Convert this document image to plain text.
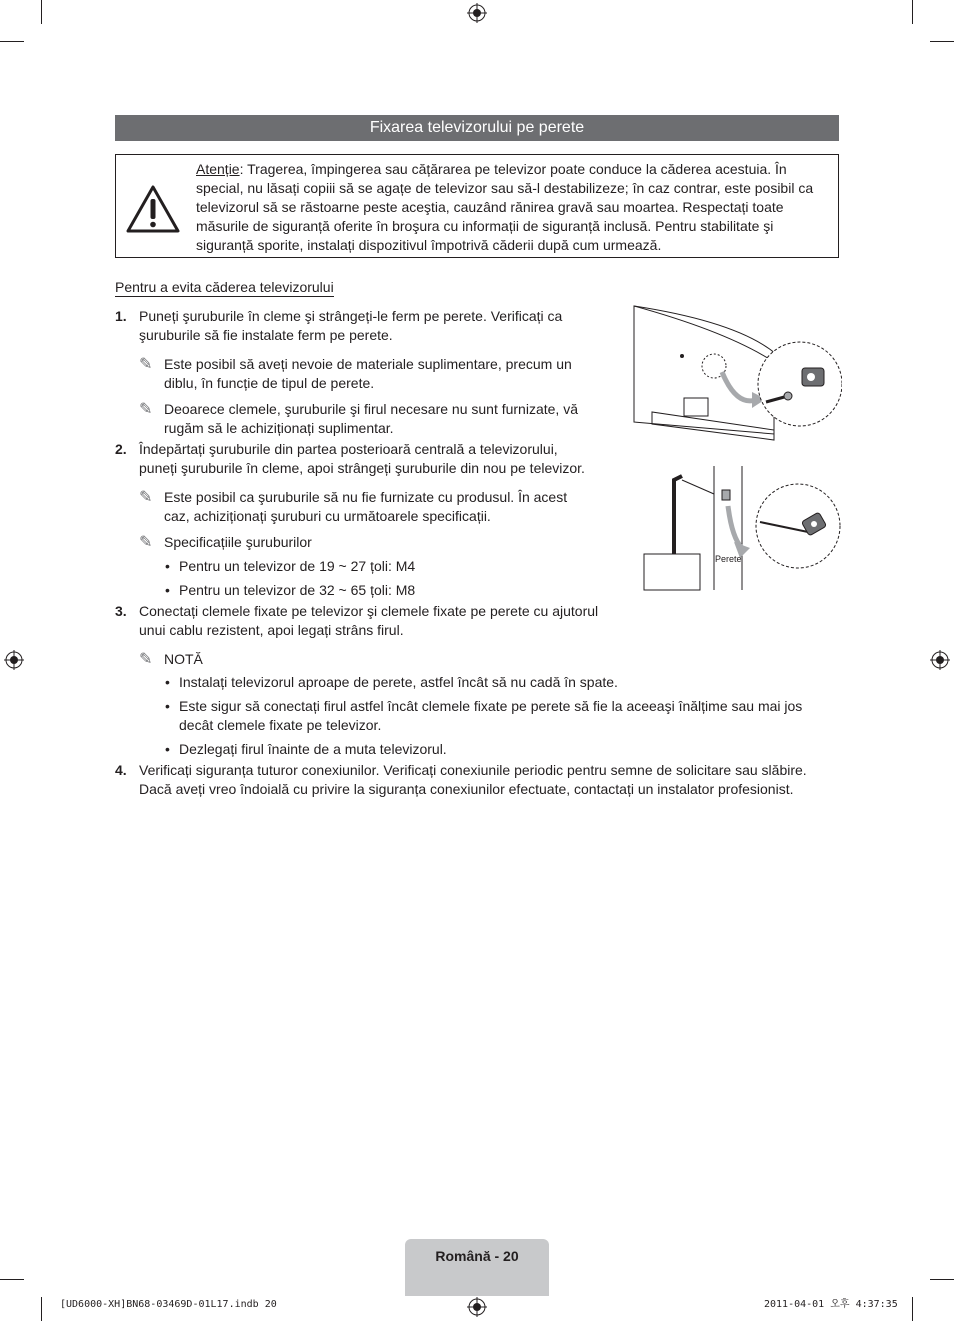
Fixarea televizorului pe perete
Atenție: Tragerea, împingerea sau cățărarea pe televizor poate conduce la căderea acestuia. În special, nu lăsați copiii să se agațe de televizor sau să-l destabilizeze; în caz contrar, este posibil ca televizorul să se răstoarne peste aceştia, cauzând rănirea gravă sau moartea. Respectați toate măsurile de siguranță oferite în broşura cu informații de siguranță inclusă. Pentru stabilitate şi siguranță sporite, instalați dispozitivul împotrivă căderii după cum urmează.
Pentru a evita căderea televizorului
1. Puneți şuruburile în cleme şi strângeți-le ferm pe perete. Verificați ca
şuruburile să fie instalate ferm pe perete.
✎ Este posibil să aveți nevoie de materiale suplimentare, precum un
diblu, în funcție de tipul de perete.
✎ Deoarece clemele, şuruburile şi firul necesare nu sunt furnizate, vă
rugăm să le achiziționați suplimentar.
2. Îndepărtați şuruburile din partea posterioară centrală a televizorului,
puneți şuruburile în cleme, apoi strângeți şuruburile din nou pe televizor.
✎ Este posibil ca şuruburile să nu fie furnizate cu produsul. În acest
caz, achiziționați şuruburi cu următoarele specificații.
✎ Specificațiile şuruburilor
• Pentru un televizor de 19 ~ 27 țoli: M4
• Pentru un televizor de 32 ~ 65 țoli: M8
3. Conectați clemele fixate pe televizor şi clemele fixate pe perete cu ajutorul
unui cablu rezistent, apoi legați strâns firul.
✎ NOTĂ
• Instalați televizorul aproape de perete, astfel încât să nu cadă în spate.
• Este sigur să conectați firul astfel încât clemele fixate pe perete să fie la aceeaşi înălțime sau mai jos
decât clemele fixate pe televizor.
• Dezlegați firul înainte de a muta televizorul.
4. Verificați siguranța tuturor conexiunilor. Verificați conexiunile periodic pentru semne de solicitare sau slăbire.
Dacă aveți vreo îndoială cu privire la siguranța conexiunilor efectuate, contactați un instalator profesionist.
Perete
Română - 20
[UD6000-XH]BN68-03469D-01L17.indb 20	2011-04-01 오후 4:37:35
